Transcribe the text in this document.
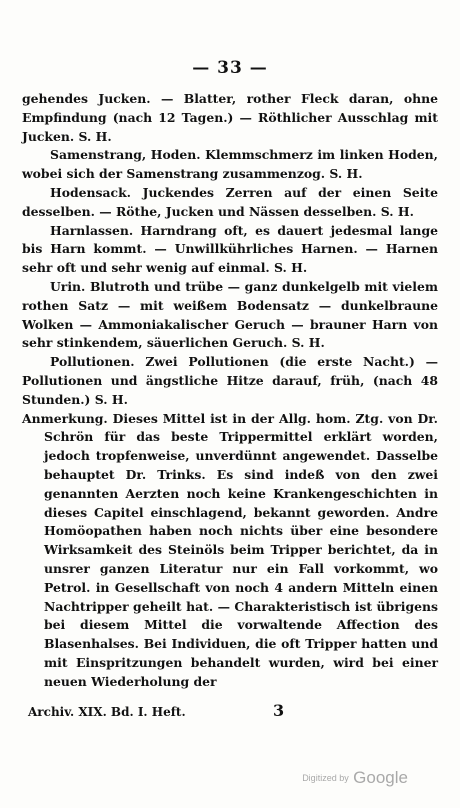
— 33 —

gehendes Jucken. — Blatter, rother Fleck daran, ohne Empfindung (nach 12 Tagen.) — Röthlicher Ausschlag mit Jucken. S. H.

Samenstrang, Hoden. Klemmschmerz im linken Hoden, wobei sich der Samenstrang zusammenzog. S. H.

Hodensack. Juckendes Zerren auf der einen Seite desselben. — Röthe, Jucken und Nässen desselben. S. H.

Harnlassen. Harndrang oft, es dauert jedesmal lange bis Harn kommt. — Unwillkührliches Harnen. — Harnen sehr oft und sehr wenig auf einmal. S. H.

Urin. Blutroth und trübe — ganz dunkelgelb mit vielem rothen Satz — mit weißem Bodensatz — dunkelbraune Wolken — Ammoniakalischer Geruch — brauner Harn von sehr stinkendem, säuerlichen Geruch. S. H.

Pollutionen. Zwei Pollutionen (die erste Nacht.) — Pollutionen und ängstliche Hitze darauf, früh, (nach 48 Stunden.) S. H.

Anmerkung. Dieses Mittel ist in der Allg. hom. Ztg. von Dr. Schrön für das beste Trippermittel erklärt worden, jedoch tropfenweise, unverdünnt angewendet. Dasselbe behauptet Dr. Trinks. Es sind indeß von den zwei genannten Aerzten noch keine Krankengeschichten in dieses Capitel einschlagend, bekannt geworden. Andre Homöopathen haben noch nichts über eine besondere Wirksamkeit des Steinöls beim Tripper berichtet, da in unsrer ganzen Literatur nur ein Fall vorkommt, wo Petrol. in Gesellschaft von noch 4 andern Mitteln einen Nachtripper geheilt hat. — Charakteristisch ist übrigens bei diesem Mittel die vorwaltende Affection des Blasenhalses. Bei Individuen, die oft Tripper hatten und mit Einspritzungen behandelt wurden, wird bei einer neuen Wiederholung der

Archiv. XIX. Bd. I. Heft.	3
Digitized by Google
